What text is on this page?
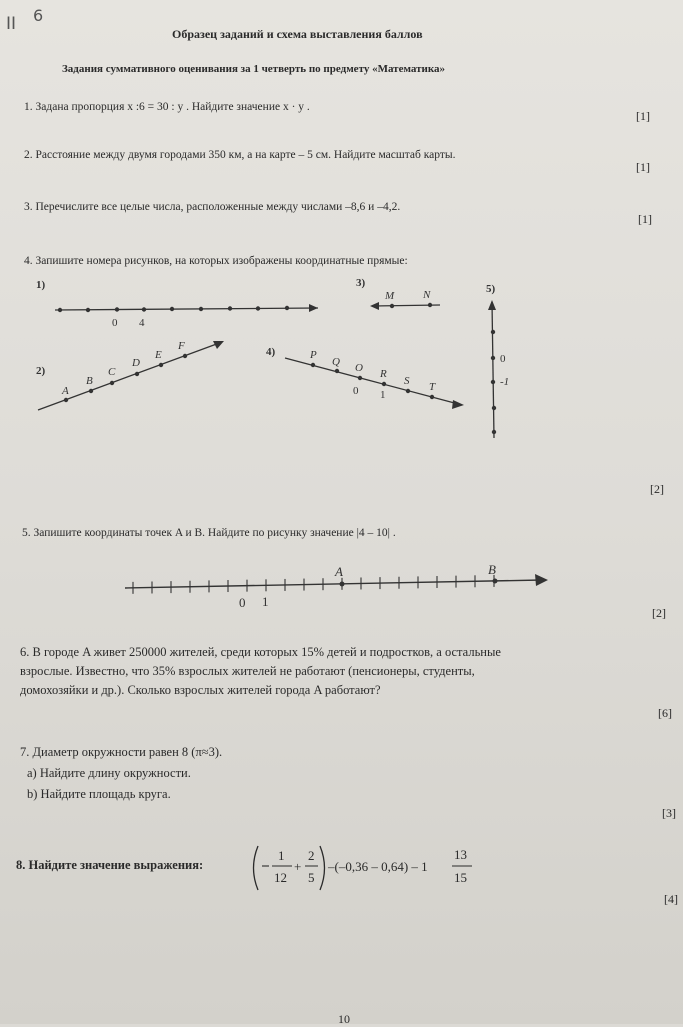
II 6
Образец заданий и схема выставления баллов
Задания суммативного оценивания за 1 четверть по предмету «Математика»
1. Задана пропорция x :6 = 30 : y . Найдите значение x · y .
[1]
2. Расстояние между двумя городами 350 км, а на карте – 5 см. Найдите масштаб карты.
[1]
3. Перечислите все целые числа, расположенные между числами –8,6 и –4,2.
[1]
4. Запишите номера рисунков, на которых изображены координатные прямые:
1)
0 4
3)
M	N	5)
0
-1
2)
A
B
C
D
E
F	4)	P
Q O R
S T
0 1
[2]
5. Запишите координаты точек A и B. Найдите по рисунку значение |4 – 10| .
A	B
0 1
[2]
6. В городе A живет 250000 жителей, среди которых 15% детей и подростков, а остальные
взрослые. Известно, что 35% взрослых жителей не работают (пенсионеры, студенты,
домохозяйки и др.). Сколько взрослых жителей города A работают?
[6]
7. Диаметр окружности равен 8 (π≈3).
a) Найдите длину окружности.
b) Найдите площадь круга.
[3]
8. Найдите значение выражения:
1
12
+
2
5
–(–0,36 – 0,64) – 1
13
15
[4]
10
